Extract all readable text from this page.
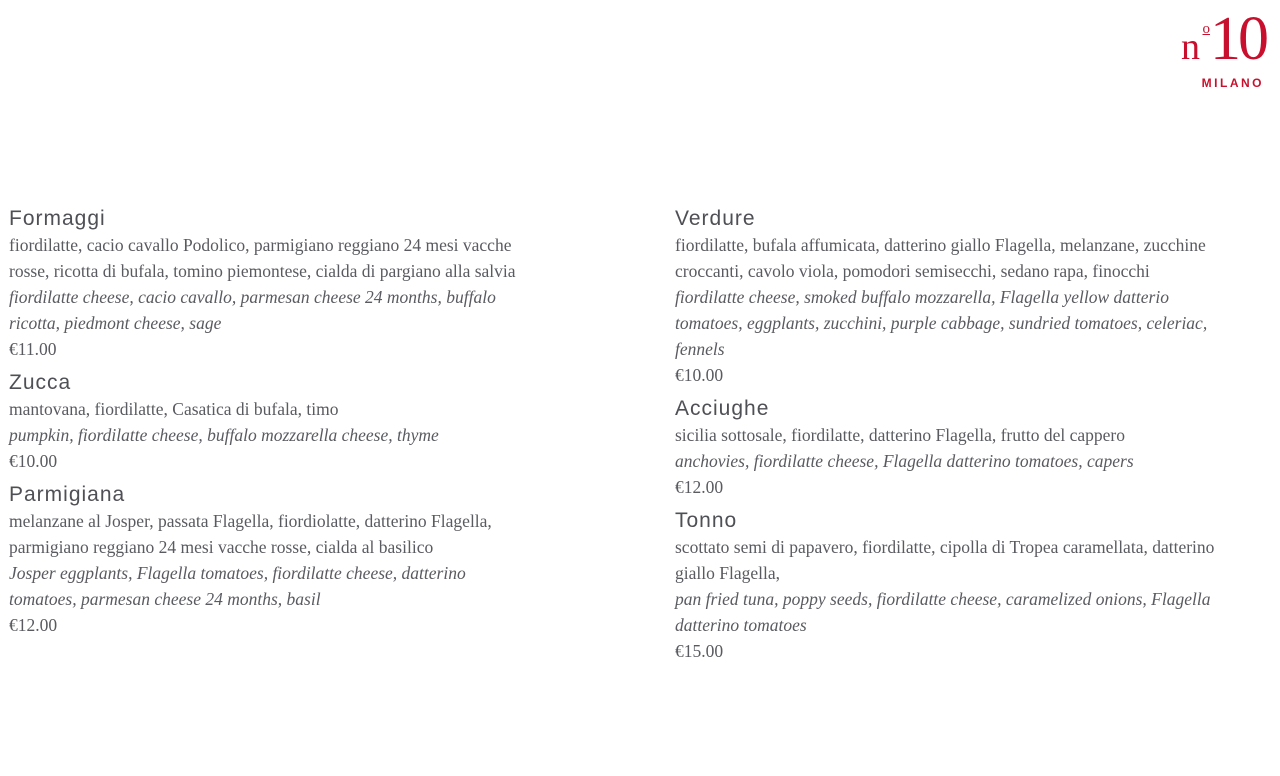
n o 10
MILANO
Formaggi
fiordilatte, cacio cavallo Podolico, parmigiano reggiano 24 mesi vacche rosse, ricotta di bufala, tomino piemontese, cialda di pargiano alla salvia
fiordilatte cheese, cacio cavallo, parmesan cheese 24 months, buffalo ricotta, piedmont cheese, sage
€11.00
Zucca
mantovana, fiordilatte, Casatica di bufala, timo
pumpkin, fiordilatte cheese, buffalo mozzarella cheese, thyme
€10.00
Parmigiana
melanzane al Josper, passata Flagella, fiordiolatte, datterino Flagella, parmigiano reggiano 24 mesi vacche rosse, cialda al basilico
Josper eggplants, Flagella tomatoes, fiordilatte cheese, datterino tomatoes, parmesan cheese 24 months, basil
€12.00
Verdure
fiordilatte, bufala affumicata, datterino giallo Flagella, melanzane, zucchine croccanti, cavolo viola, pomodori semisecchi, sedano rapa, finocchi
fiordilatte cheese, smoked buffalo mozzarella, Flagella yellow datterio tomatoes, eggplants, zucchini, purple cabbage, sundried tomatoes, celeriac, fennels
€10.00
Acciughe
sicilia sottosale, fiordilatte, datterino Flagella, frutto del cappero
anchovies, fiordilatte cheese, Flagella datterino tomatoes, capers
€12.00
Tonno
scottato semi di papavero, fiordilatte, cipolla di Tropea caramellata, datterino giallo Flagella,
pan fried tuna, poppy seeds, fiordilatte cheese, caramelized onions, Flagella datterino tomatoes
€15.00
